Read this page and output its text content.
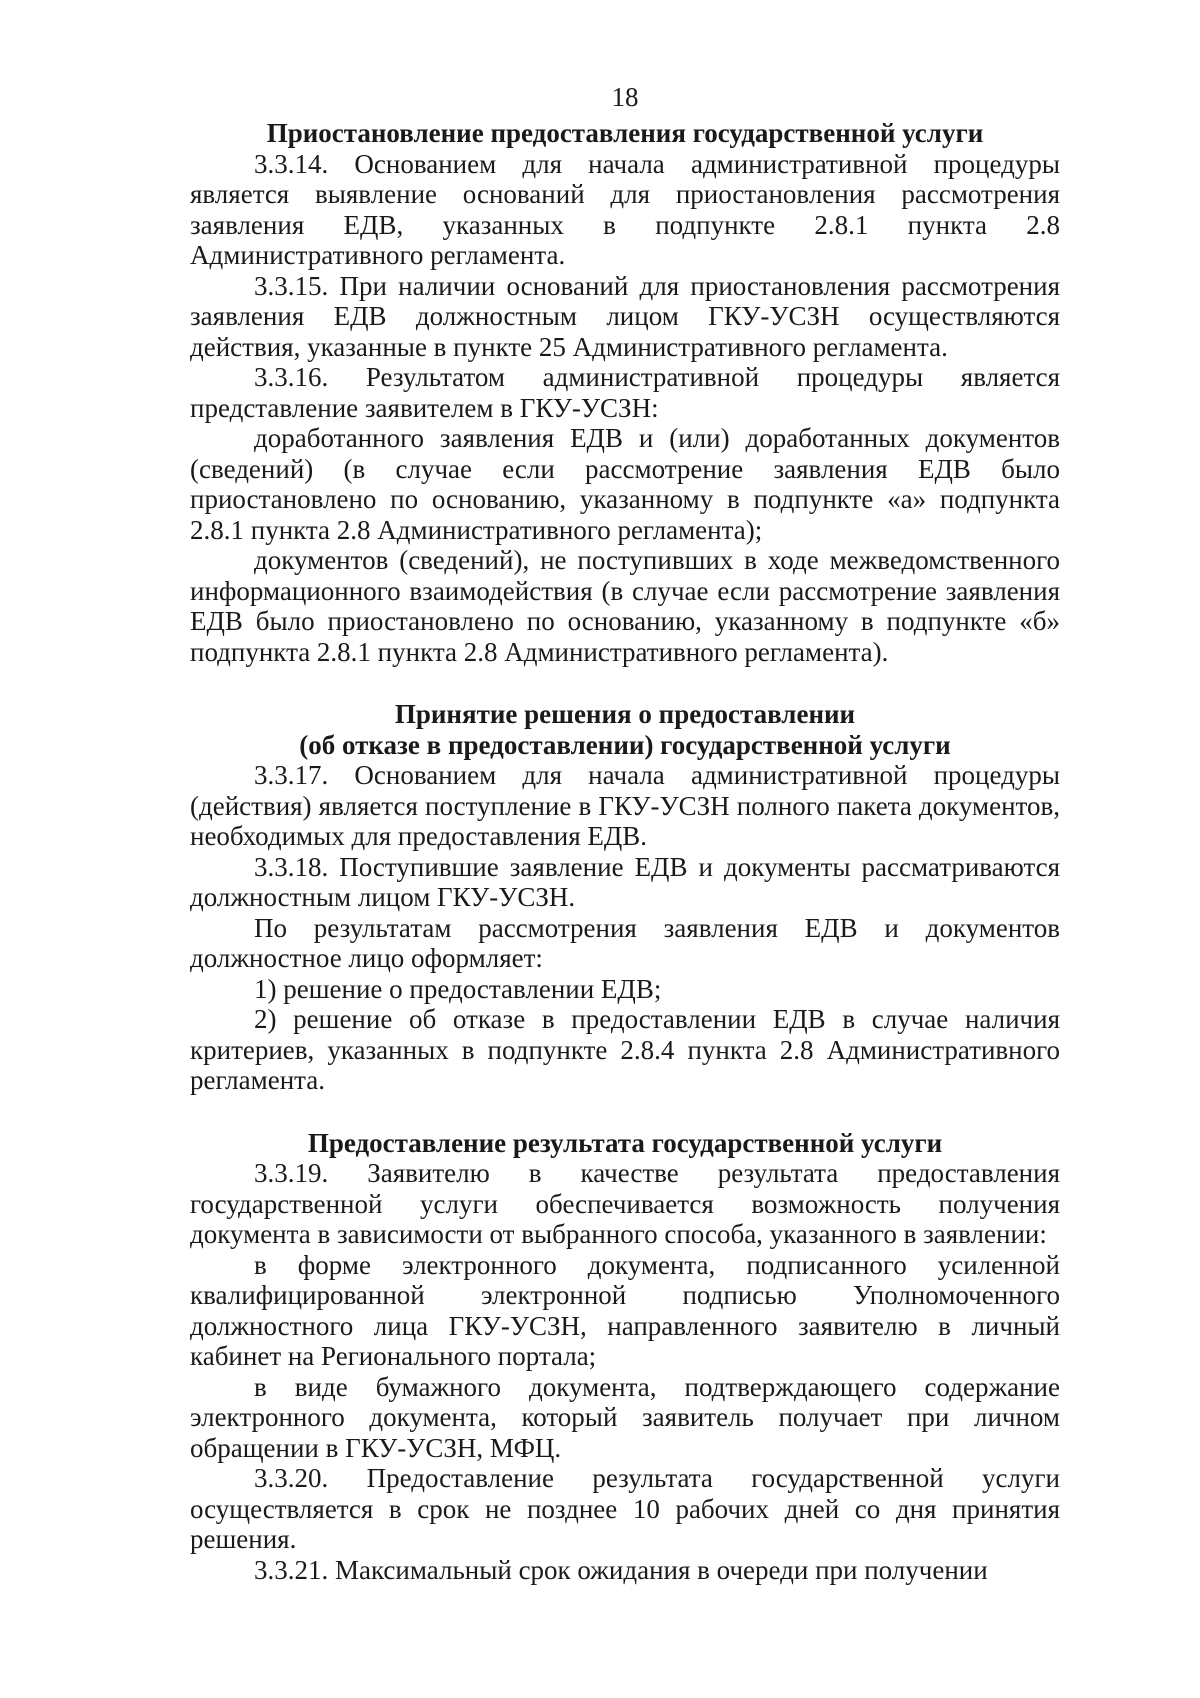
18

Приостановление предоставления государственной услуги

3.3.14. Основанием для начала административной процедуры является выявление оснований для приостановления рассмотрения заявления ЕДВ, указанных в подпункте 2.8.1 пункта 2.8 Административного регламента.

3.3.15. При наличии оснований для приостановления рассмотрения заявления ЕДВ должностным лицом ГКУ-УСЗН осуществляются действия, указанные в пункте 25 Административного регламента.

3.3.16. Результатом административной процедуры является представление заявителем в ГКУ-УСЗН:

доработанного заявления ЕДВ и (или) доработанных документов (сведений) (в случае если рассмотрение заявления ЕДВ было приостановлено по основанию, указанному в подпункте «а» подпункта 2.8.1 пункта 2.8 Административного регламента);

документов (сведений), не поступивших в ходе межведомственного информационного взаимодействия (в случае если рассмотрение заявления ЕДВ было приостановлено по основанию, указанному в подпункте «б» подпункта 2.8.1 пункта 2.8 Административного регламента).

Принятие решения о предоставлении

(об отказе в предоставлении) государственной услуги

3.3.17. Основанием для начала административной процедуры (действия) является поступление в ГКУ-УСЗН полного пакета документов, необходимых для предоставления ЕДВ.

3.3.18. Поступившие заявление ЕДВ и документы рассматриваются должностным лицом ГКУ-УСЗН.

По результатам рассмотрения заявления ЕДВ и документов должностное лицо оформляет:

1) решение о предоставлении ЕДВ;

2) решение об отказе в предоставлении ЕДВ в случае наличия критериев, указанных в подпункте 2.8.4 пункта 2.8 Административного регламента.

Предоставление результата государственной услуги

3.3.19. Заявителю в качестве результата предоставления государственной услуги обеспечивается возможность получения документа в зависимости от выбранного способа, указанного в заявлении:

в форме электронного документа, подписанного усиленной квалифицированной электронной подписью Уполномоченного должностного лица ГКУ-УСЗН, направленного заявителю в личный кабинет на Регионального портала;

в виде бумажного документа, подтверждающего содержание электронного документа, который заявитель получает при личном обращении в ГКУ-УСЗН, МФЦ.

3.3.20. Предоставление результата государственной услуги осуществляется в срок не позднее 10 рабочих дней со дня принятия решения.

3.3.21. Максимальный срок ожидания в очереди при получении
